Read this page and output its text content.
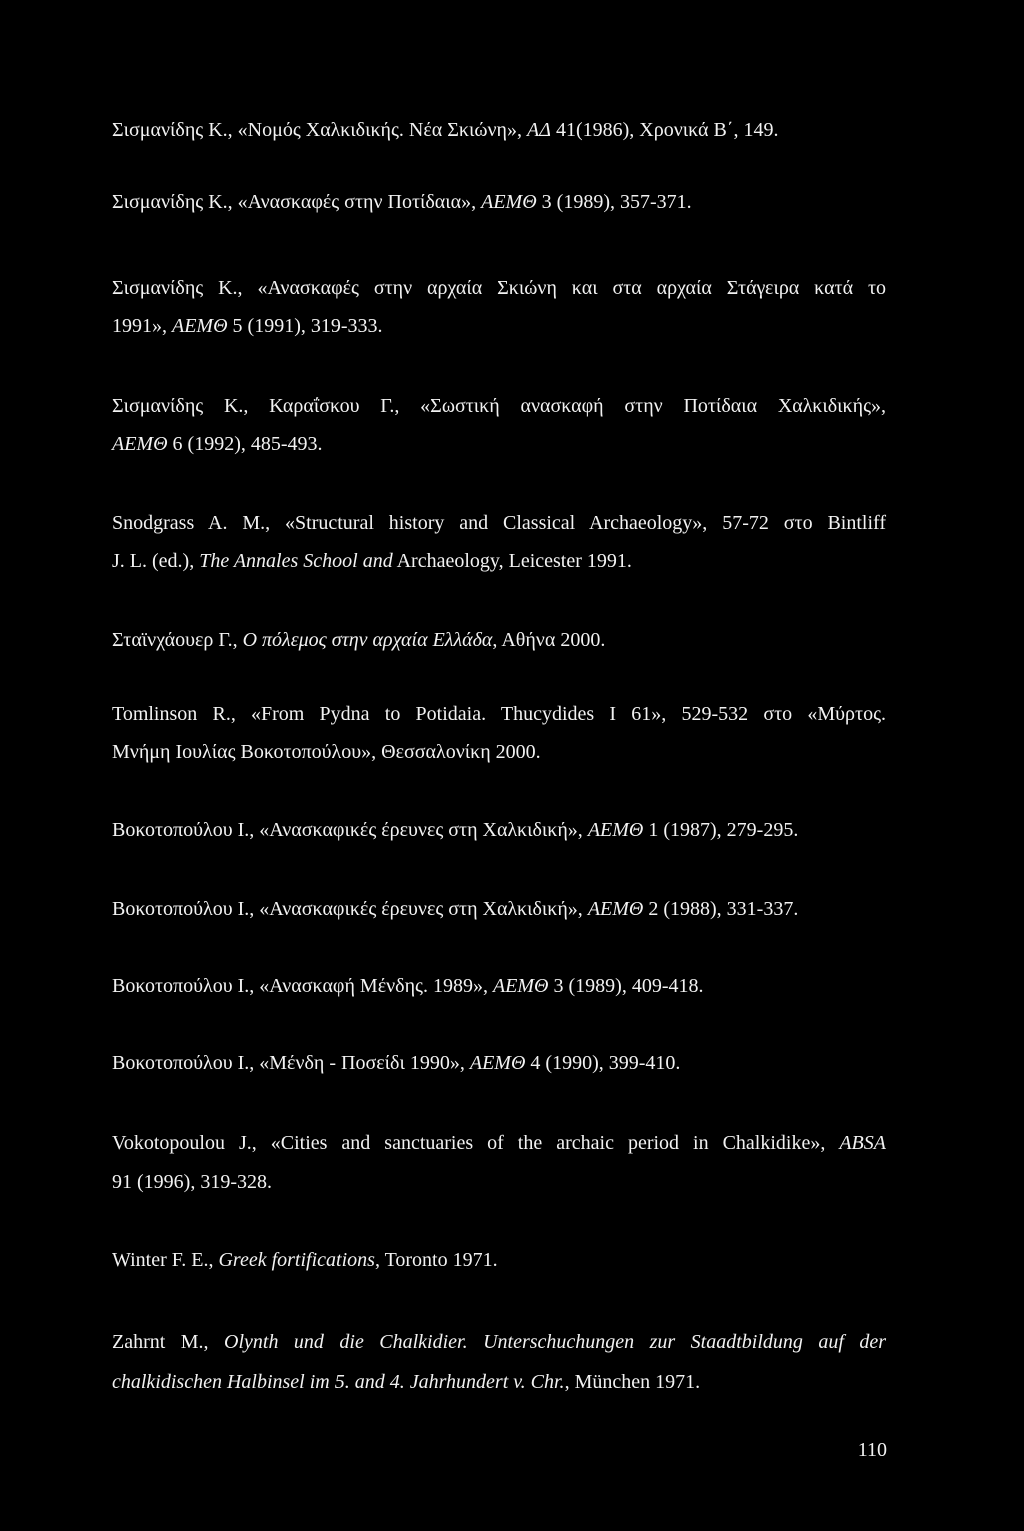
Σισμανίδης Κ., «Νομός Χαλκιδικής. Νέα Σκιώνη», ΑΔ 41(1986), Χρονικά Β΄, 149.
Σισμανίδης Κ., «Ανασκαφές στην Ποτίδαια», ΑΕΜΘ 3 (1989), 357-371.
Σισμανίδης Κ., «Ανασκαφές στην αρχαία Σκιώνη και στα αρχαία Στάγειρα κατά το
1991», ΑΕΜΘ 5 (1991), 319-333.
Σισμανίδης Κ., Καραΐσκου Γ., «Σωστική ανασκαφή στην Ποτίδαια Χαλκιδικής»,
ΑΕΜΘ 6 (1992), 485-493.
Snodgrass A. M., «Structural history and Classical Archaeology», 57-72 στο Bintliff
J. L. (ed.), The Annales School and Archaeology, Leicester 1991.
Σταϊνχάουερ Γ., Ο πόλεμος στην αρχαία Ελλάδα, Αθήνα 2000.
Tomlinson R., «From Pydna to Potidaia. Thucydides I 61», 529-532 στο «Μύρτος.
Μνήμη Ιουλίας Βοκοτοπούλου», Θεσσαλονίκη 2000.
Βοκοτοπούλου Ι., «Ανασκαφικές έρευνες στη Χαλκιδική», ΑΕΜΘ 1 (1987), 279-295.
Βοκοτοπούλου Ι., «Ανασκαφικές έρευνες στη Χαλκιδική», ΑΕΜΘ 2 (1988), 331-337.
Βοκοτοπούλου Ι., «Ανασκαφή Μένδης. 1989», ΑΕΜΘ 3 (1989), 409-418.
Βοκοτοπούλου Ι., «Μένδη - Ποσείδι 1990», ΑΕΜΘ 4 (1990), 399-410.
Vokotopoulou J., «Cities and sanctuaries of the archaic period in Chalkidike», ABSA
91 (1996), 319-328.
Winter F. E., Greek fortifications, Toronto 1971.
Zahrnt M., Olynth und die Chalkidier. Unterschuchungen zur Staadtbildung auf der
chalkidischen Halbinsel im 5. and 4. Jahrhundert v. Chr., München 1971.
110
